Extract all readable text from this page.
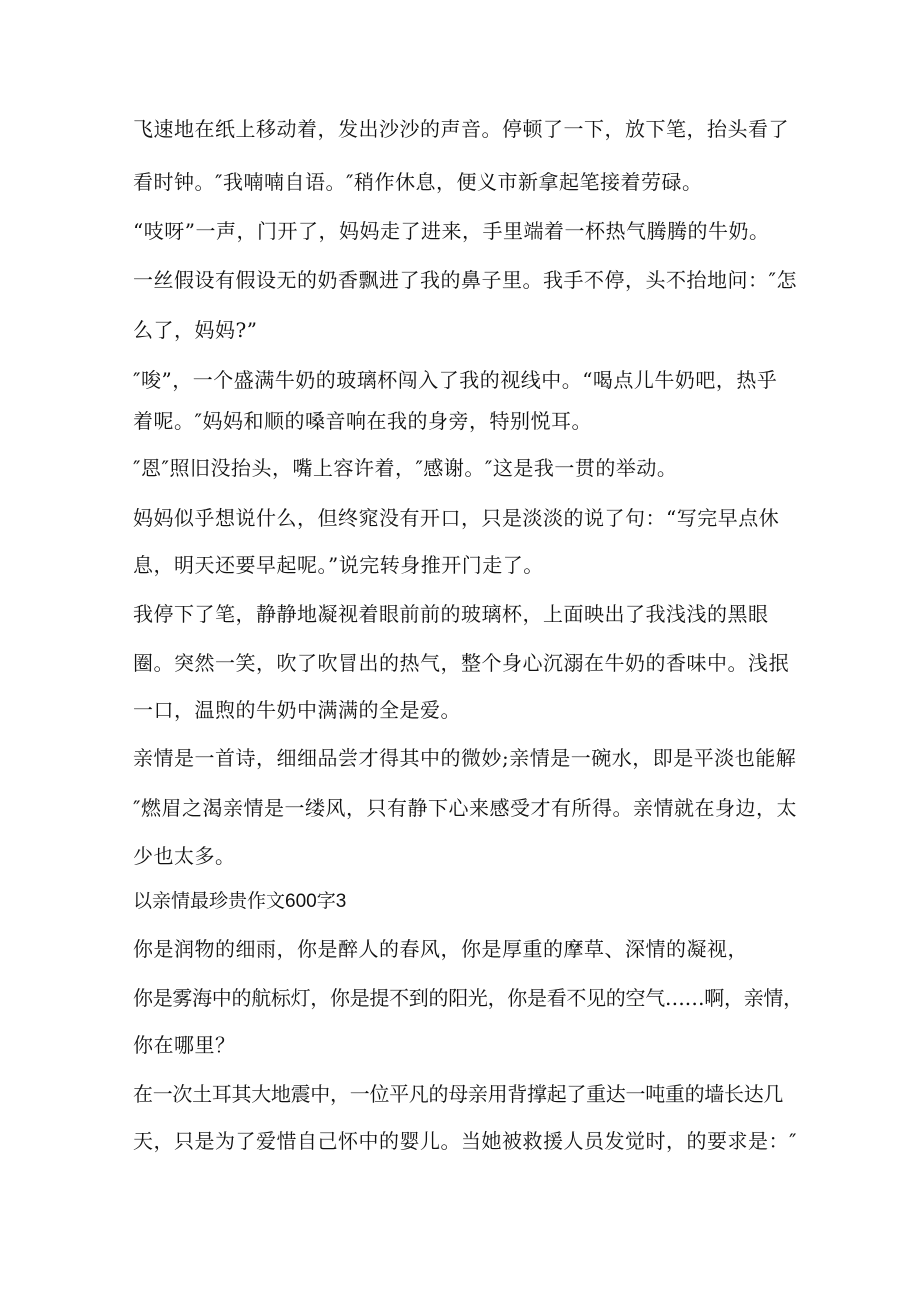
飞速地在纸上移动着，发出沙沙的声音。停顿了一下，放下笔，抬头看了
看时钟。″我喃喃自语。″稍作休息，便义市新拿起笔接着劳碌。
“吱呀”一声，门开了，妈妈走了进来，手里端着一杯热气腾腾的牛奶。
一丝假设有假设无的奶香飘进了我的鼻子里。我手不停，头不抬地问：″怎
么了，妈妈?”
″唆”，一个盛满牛奶的玻璃杯闯入了我的视线中。“喝点儿牛奶吧，热乎
着呢。″妈妈和顺的嗓音响在我的身旁，特别悦耳。
″恩″照旧没抬头，嘴上容许着，″感谢。″这是我一贯的举动。
妈妈似乎想说什么，但终窕没有开口，只是淡淡的说了句：“写完早点休
息，明天还要早起呢。”说完转身推开门走了。
我停下了笔，静静地凝视着眼前前的玻璃杯，上面映出了我浅浅的黑眼
圈。突然一笑，吹了吹冒出的热气，整个身心沉溺在牛奶的香味中。浅抿
一口，温煦的牛奶中满满的全是爱。
亲情是一首诗，细细品尝才得其中的微妙;亲情是一碗水，即是平淡也能解
″燃眉之渴亲情是一缕风，只有静下心来感受才有所得。亲情就在身边，太
少也太多。
以亲情最珍贵作文600字3
你是润物的细雨，你是醉人的春风，你是厚重的摩草、深情的凝视，
你是雾海中的航标灯，你是提不到的阳光，你是看不见的空气……啊，亲情，
你在哪里？
在一次土耳其大地震中，一位平凡的母亲用背撑起了重达一吨重的墙长达几
天，只是为了爱惜自己怀中的婴儿。当她被救援人员发觉时，的要求是：″
